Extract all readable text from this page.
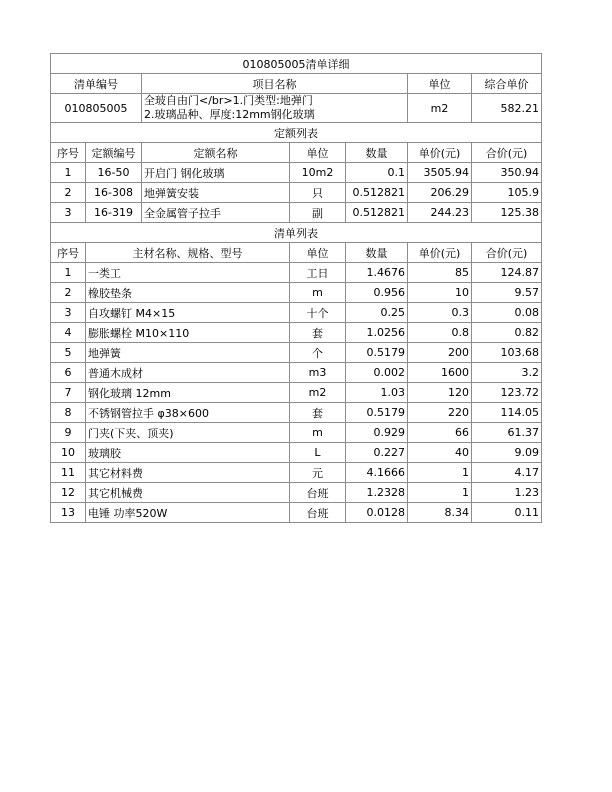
010805005清单详细						
清单编号		项目名称			单位	综合单价
010805005		全玻自由门</br>1.门类型:地弹门
2.玻璃品种、厚度:12mm钢化玻璃			m2	582.21
定额列表						
序号	定额编号	定额名称	单位	数量	单价(元)	合价(元)
1	16-50	开启门 钢化玻璃	10m2	0.1	3505.94	350.94
2	16-308	地弹簧安装	只	0.512821	206.29	105.9
3	16-319	全金属管子拉手	副	0.512821	244.23	125.38
清单列表						
序号	主材名称、规格、型号		单位	数量	单价(元)	合价(元)
1	一类工		工日	1.4676	85	124.87
2	橡胶垫条		m	0.956	10	9.57
3	自攻螺钉 M4×15		十个	0.25	0.3	0.08
4	膨胀螺栓 M10×110		套	1.0256	0.8	0.82
5	地弹簧		个	0.5179	200	103.68
6	普通木成材		m3	0.002	1600	3.2
7	钢化玻璃 12mm		m2	1.03	120	123.72
8	不锈钢管拉手 φ38×600		套	0.5179	220	114.05
9	门夹(下夹、顶夹)		m	0.929	66	61.37
10	玻璃胶		L	0.227	40	9.09
11	其它材料费		元	4.1666	1	4.17
12	其它机械费		台班	1.2328	1	1.23
13	电锤 功率520W		台班	0.0128	8.34	0.11
